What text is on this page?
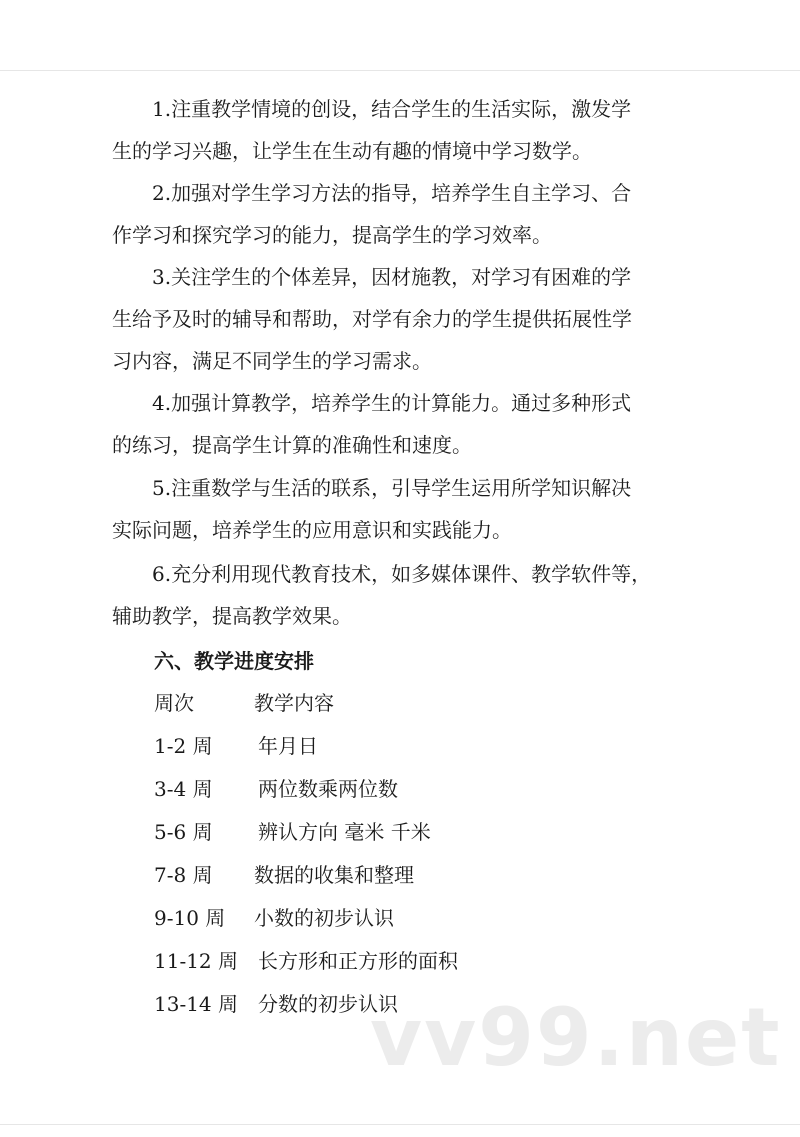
1.注重教学情境的创设，结合学生的生活实际，激发学
生的学习兴趣，让学生在生动有趣的情境中学习数学。

2.加强对学生学习方法的指导，培养学生自主学习、合
作学习和探究学习的能力，提高学生的学习效率。

3.关注学生的个体差异，因材施教，对学习有困难的学
生给予及时的辅导和帮助，对学有余力的学生提供拓展性学
习内容，满足不同学生的学习需求。

4.加强计算教学，培养学生的计算能力。通过多种形式
的练习，提高学生计算的准确性和速度。

5.注重数学与生活的联系，引导学生运用所学知识解决
实际问题，培养学生的应用意识和实践能力。

6.充分利用现代教育技术，如多媒体课件、教学软件等，
辅助教学，提高教学效果。

六、教学进度安排
周次	教学内容
1-2 周 年月日
3-4 周 两位数乘两位数
5-6 周 辨认方向 毫米 千米
7-8 周 数据的收集和整理
9-10 周 小数的初步认识
11-12 周 长方形和正方形的面积
13-14 周 分数的初步认识
vv99.net
